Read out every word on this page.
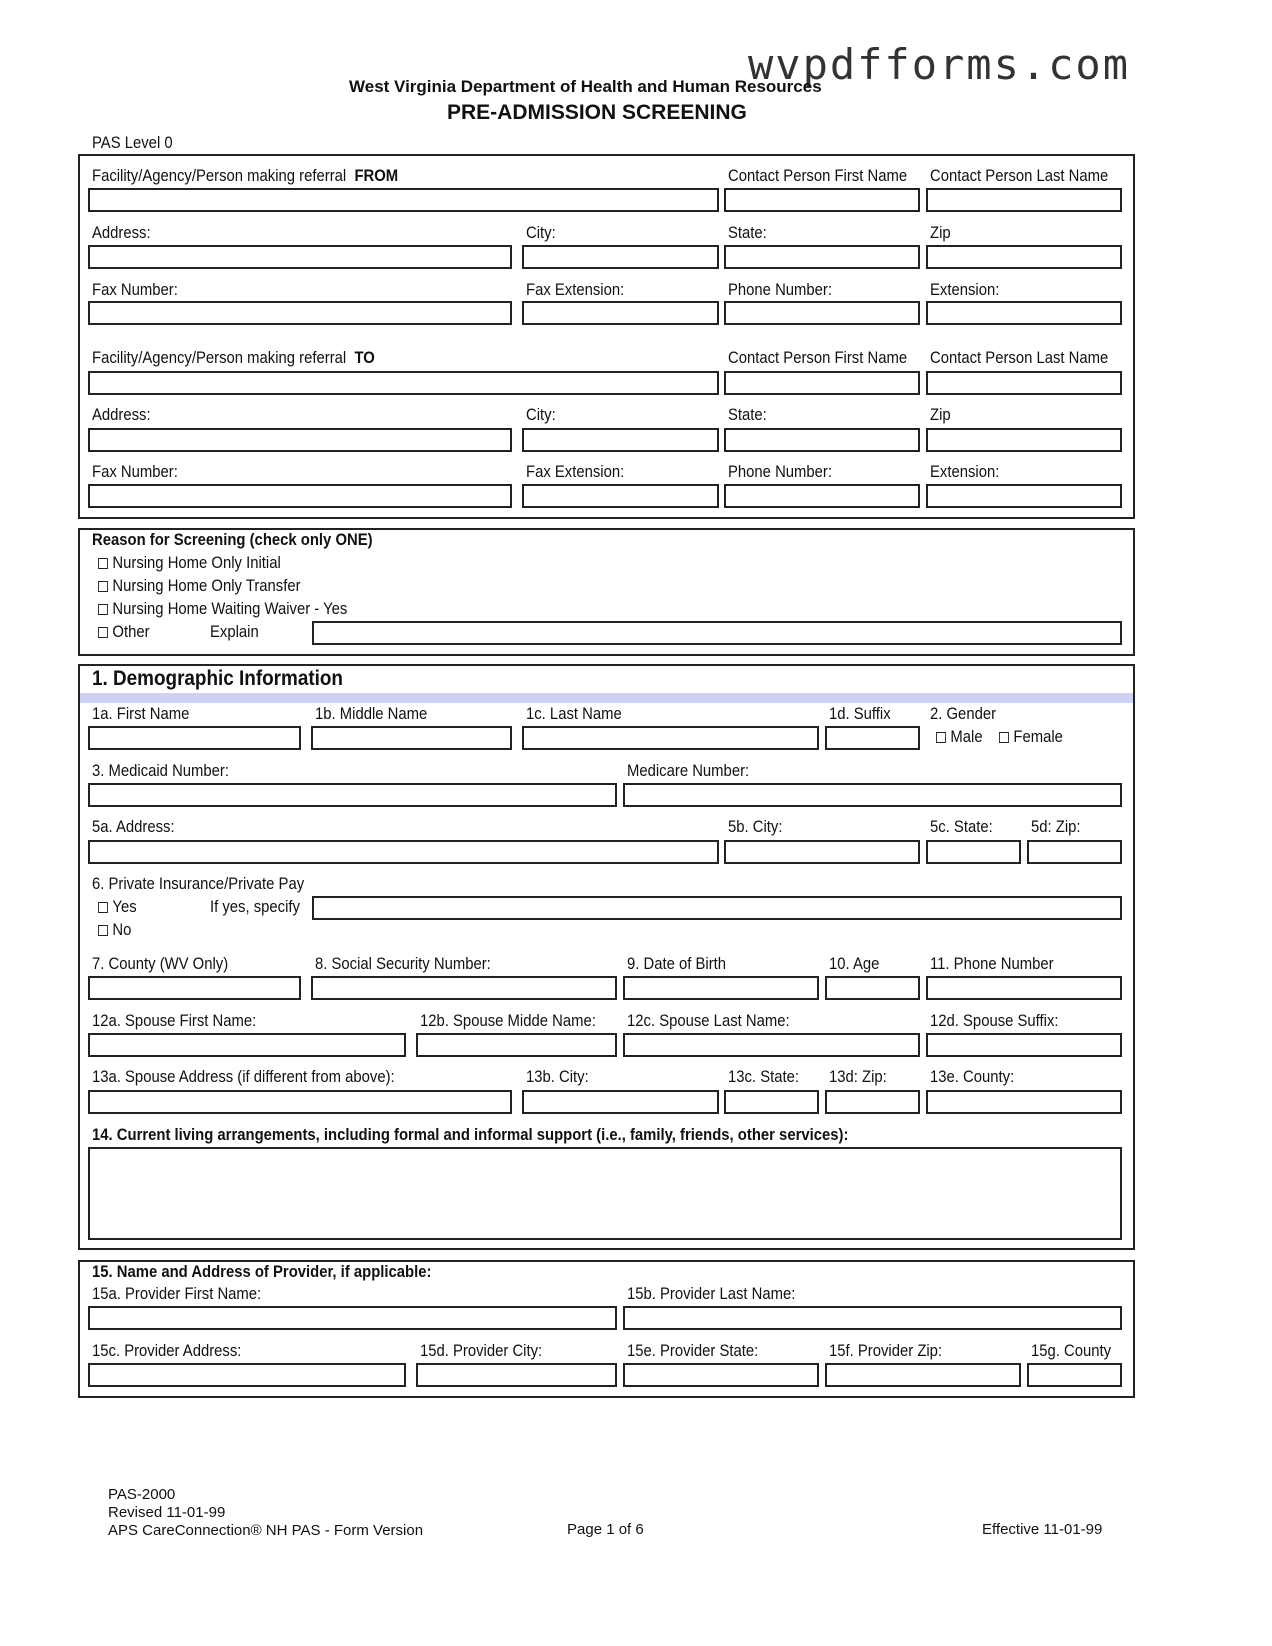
wvpdfforms.com
West Virginia Department of Health and Human Resources
PRE-ADMISSION SCREENING
PAS Level 0
Facility/Agency/Person making referral FROM	Contact Person First Name Contact Person Last Name
Address:	City:	State:	Zip
Fax Number:	Fax Extension:	Phone Number:	Extension:
Facility/Agency/Person making referral TO	Contact Person First Name Contact Person Last Name
Address:	City:	State:	Zip
Fax Number:	Fax Extension:	Phone Number:	Extension:
Reason for Screening (check only ONE)
Nursing Home Only Initial
Nursing Home Only Transfer
Nursing Home Waiting Waiver - Yes
Other	Explain
1. Demographic Information
1a. First Name	1b. Middle Name	1c. Last Name	1d. Suffix 2. Gender
Male	Female
3. Medicaid Number:	Medicare Number:
5a. Address:	5b. City:	5c. State: 5d: Zip:
6. Private Insurance/Private Pay
Yes	If yes, specify
No
7. County (WV Only)	8. Social Security Number:	9. Date of Birth	10. Age	11. Phone Number
12a. Spouse First Name:	12b. Spouse Midde Name: 12c. Spouse Last Name:	12d. Spouse Suffix:
13a. Spouse Address (if different from above):	13b. City:	13c. State: 13d: Zip:	13e. County:
14. Current living arrangements, including formal and informal support (i.e., family, friends, other services):
15. Name and Address of Provider, if applicable:
15a. Provider First Name:	15b. Provider Last Name:
15c. Provider Address:	15d. Provider City:	15e. Provider State:	15f. Provider Zip:	15g. County
PAS-2000
Revised 11-01-99
APS CareConnection® NH PAS - Form Version	Page 1 of 6	Effective 11-01-99
